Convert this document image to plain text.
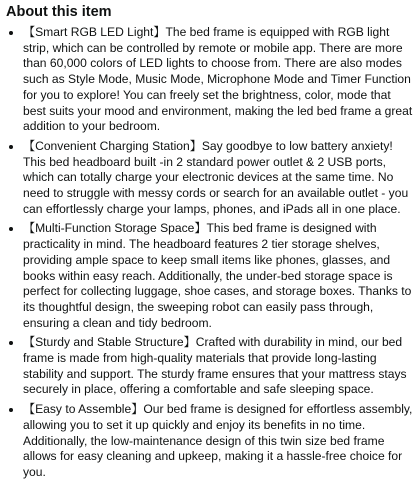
About this item
【Smart RGB LED Light】The bed frame is equipped with RGB light strip, which can be controlled by remote or mobile app. There are more than 60,000 colors of LED lights to choose from. There are also modes such as Style Mode, Music Mode, Microphone Mode and Timer Function for you to explore! You can freely set the brightness, color, mode that best suits your mood and environment, making the led bed frame a great addition to your bedroom.
【Convenient Charging Station】Say goodbye to low battery anxiety! This bed headboard built -in 2 standard power outlet & 2 USB ports, which can totally charge your electronic devices at the same time. No need to struggle with messy cords or search for an available outlet - you can effortlessly charge your lamps, phones, and iPads all in one place.
【Multi-Function Storage Space】This bed frame is designed with practicality in mind. The headboard features 2 tier storage shelves, providing ample space to keep small items like phones, glasses, and books within easy reach. Additionally, the under-bed storage space is perfect for collecting luggage, shoe cases, and storage boxes. Thanks to its thoughtful design, the sweeping robot can easily pass through, ensuring a clean and tidy bedroom.
【Sturdy and Stable Structure】Crafted with durability in mind, our bed frame is made from high-quality materials that provide long-lasting stability and support. The sturdy frame ensures that your mattress stays securely in place, offering a comfortable and safe sleeping space.
【Easy to Assemble】Our bed frame is designed for effortless assembly, allowing you to set it up quickly and enjoy its benefits in no time. Additionally, the low-maintenance design of this twin size bed frame allows for easy cleaning and upkeep, making it a hassle-free choice for you.
